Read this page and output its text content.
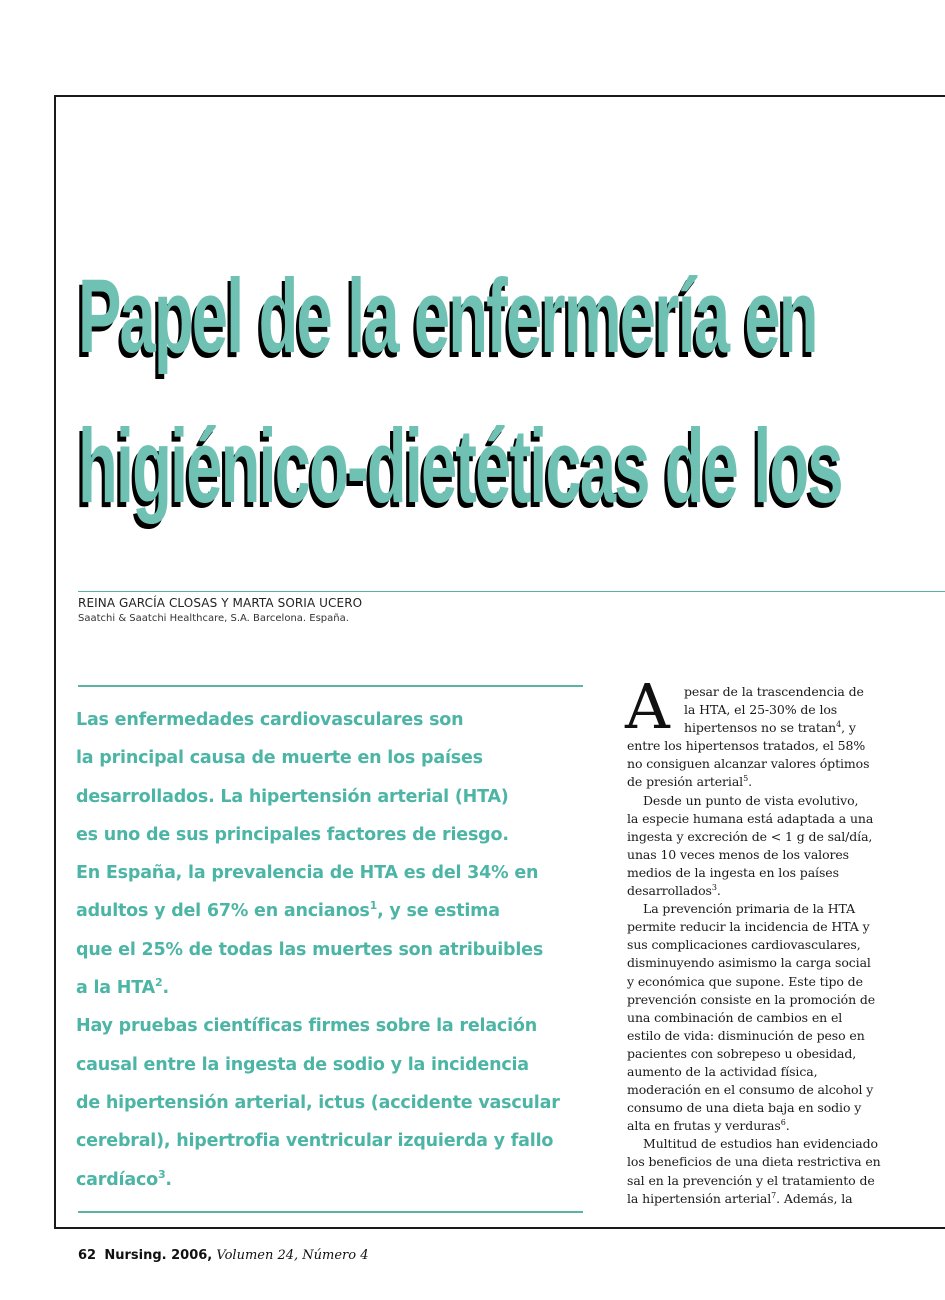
Papel de la enfermería en
higiénico-dietéticas de los
REINA GARCÍA CLOSAS Y MARTA SORIA UCERO
Saatchi & Saatchi Healthcare, S.A. Barcelona. España.
Las enfermedades cardiovasculares son
la principal causa de muerte en los países
desarrollados. La hipertensión arterial (HTA)
es uno de sus principales factores de riesgo.
En España, la prevalencia de HTA es del 34% en
adultos y del 67% en ancianos$^1$, y se estima
que el 25% de todas las muertes son atribuibles
a la HTA$^2$.
Hay pruebas científicas firmes sobre la relación
causal entre la ingesta de sodio y la incidencia
de hipertensión arterial, ictus (accidente vascular
cerebral), hipertrofia ventricular izquierda y fallo
cardíaco$^3$.
A	pesar de la trascendencia de
la HTA, el 25-30% de los
hipertensos no se tratan$^4$, y
entre los hipertensos tratados, el 58%
no consiguen alcanzar valores óptimos
de presión arterial$^5$.
Desde un punto de vista evolutivo,
la especie humana está adaptada a una
ingesta y excreción de < 1 g de sal/día,
unas 10 veces menos de los valores
medios de la ingesta en los países
desarrollados$^3$.
La prevención primaria de la HTA
permite reducir la incidencia de HTA y
sus complicaciones cardiovasculares,
disminuyendo asimismo la carga social
y económica que supone. Este tipo de
prevención consiste en la promoción de
una combinación de cambios en el
estilo de vida: disminución de peso en
pacientes con sobrepeso u obesidad,
aumento de la actividad física,
moderación en el consumo de alcohol y
consumo de una dieta baja en sodio y
alta en frutas y verduras$^6$.
Multitud de estudios han evidenciado
los beneficios de una dieta restrictiva en
sal en la prevención y el tratamiento de
la hipertensión arterial$^7$. Además, la
62 Nursing. 2006, Volumen 24, Número 4
